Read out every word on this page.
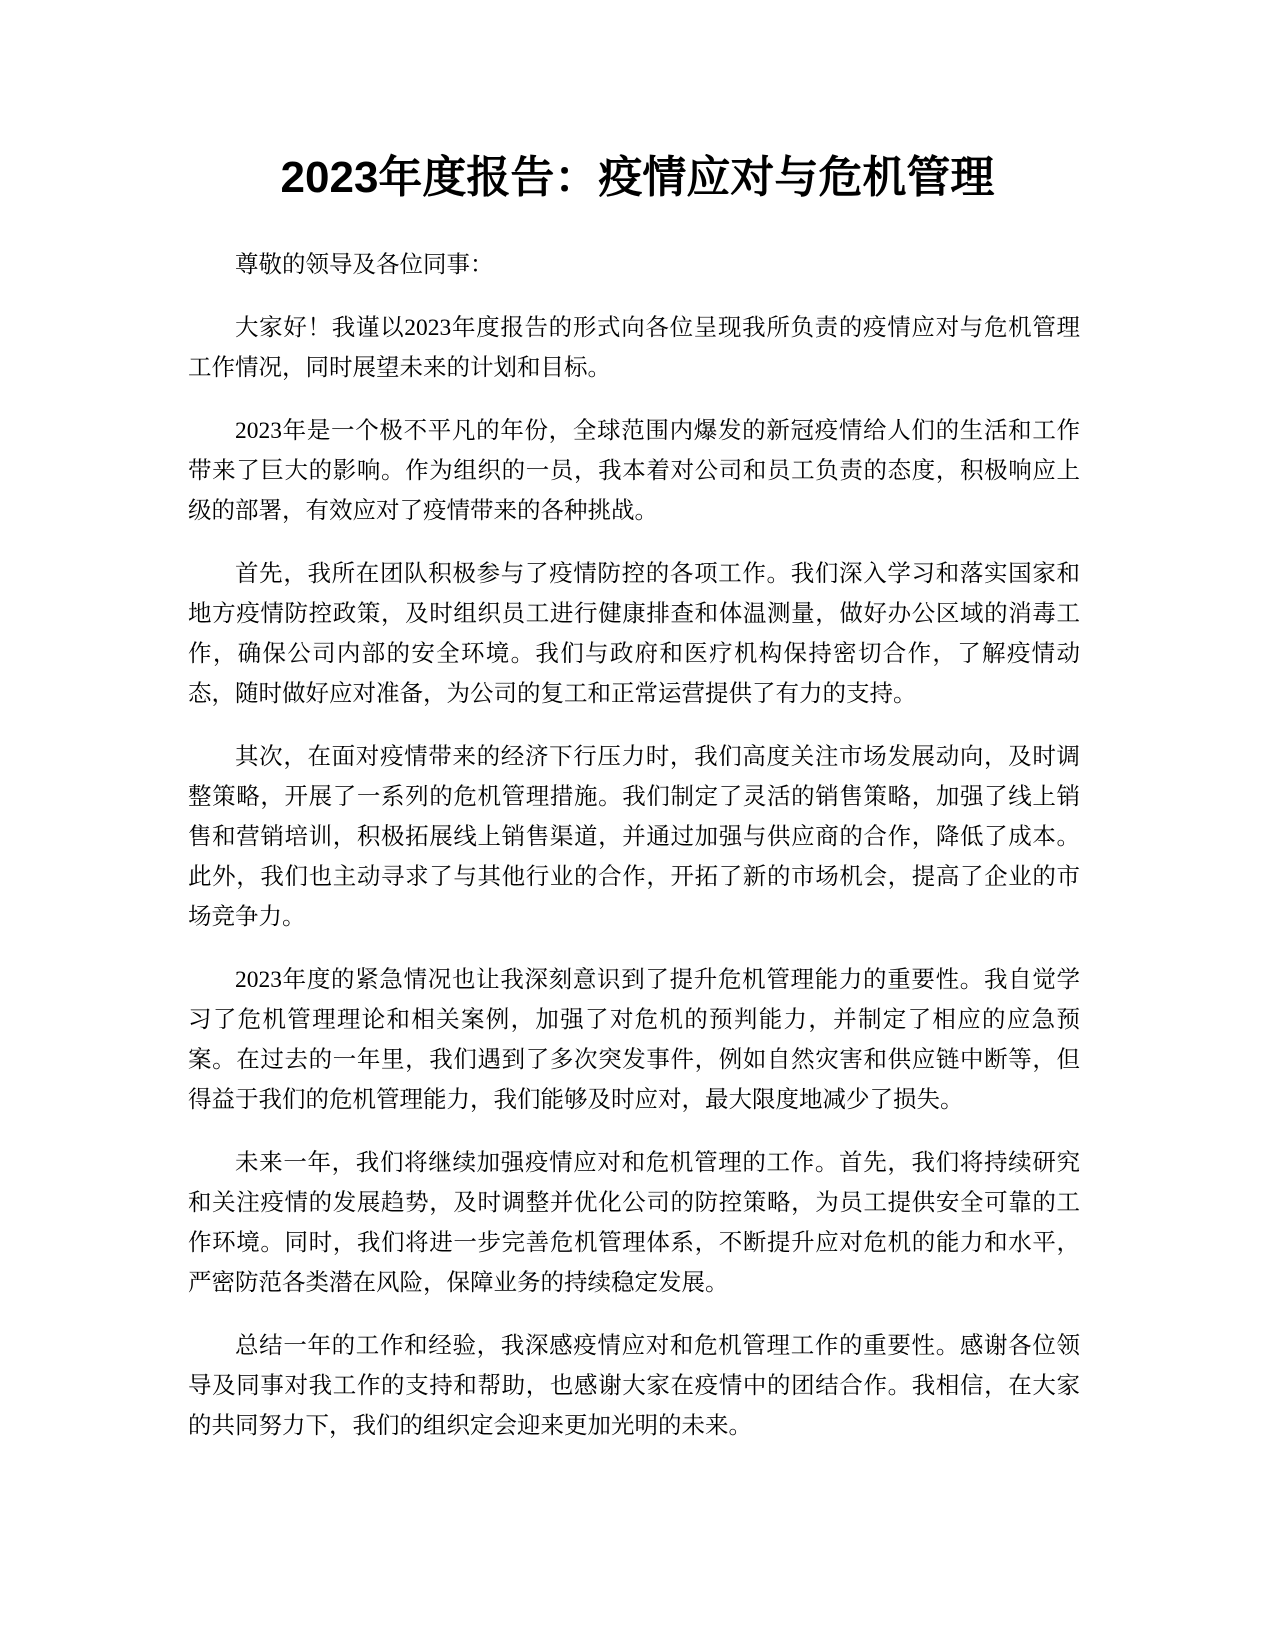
2023年度报告：疫情应对与危机管理

尊敬的领导及各位同事：

大家好！我谨以2023年度报告的形式向各位呈现我所负责的疫情应对与危机管理工作情况，同时展望未来的计划和目标。

2023年是一个极不平凡的年份，全球范围内爆发的新冠疫情给人们的生活和工作带来了巨大的影响。作为组织的一员，我本着对公司和员工负责的态度，积极响应上级的部署，有效应对了疫情带来的各种挑战。

首先，我所在团队积极参与了疫情防控的各项工作。我们深入学习和落实国家和地方疫情防控政策，及时组织员工进行健康排查和体温测量，做好办公区域的消毒工作，确保公司内部的安全环境。我们与政府和医疗机构保持密切合作，了解疫情动态，随时做好应对准备，为公司的复工和正常运营提供了有力的支持。

其次，在面对疫情带来的经济下行压力时，我们高度关注市场发展动向，及时调整策略，开展了一系列的危机管理措施。我们制定了灵活的销售策略，加强了线上销售和营销培训，积极拓展线上销售渠道，并通过加强与供应商的合作，降低了成本。此外，我们也主动寻求了与其他行业的合作，开拓了新的市场机会，提高了企业的市场竞争力。

2023年度的紧急情况也让我深刻意识到了提升危机管理能力的重要性。我自觉学习了危机管理理论和相关案例，加强了对危机的预判能力，并制定了相应的应急预案。在过去的一年里，我们遇到了多次突发事件，例如自然灾害和供应链中断等，但得益于我们的危机管理能力，我们能够及时应对，最大限度地减少了损失。

未来一年，我们将继续加强疫情应对和危机管理的工作。首先，我们将持续研究和关注疫情的发展趋势，及时调整并优化公司的防控策略，为员工提供安全可靠的工作环境。同时，我们将进一步完善危机管理体系，不断提升应对危机的能力和水平，严密防范各类潜在风险，保障业务的持续稳定发展。

总结一年的工作和经验，我深感疫情应对和危机管理工作的重要性。感谢各位领导及同事对我工作的支持和帮助，也感谢大家在疫情中的团结合作。我相信，在大家的共同努力下，我们的组织定会迎来更加光明的未来。
